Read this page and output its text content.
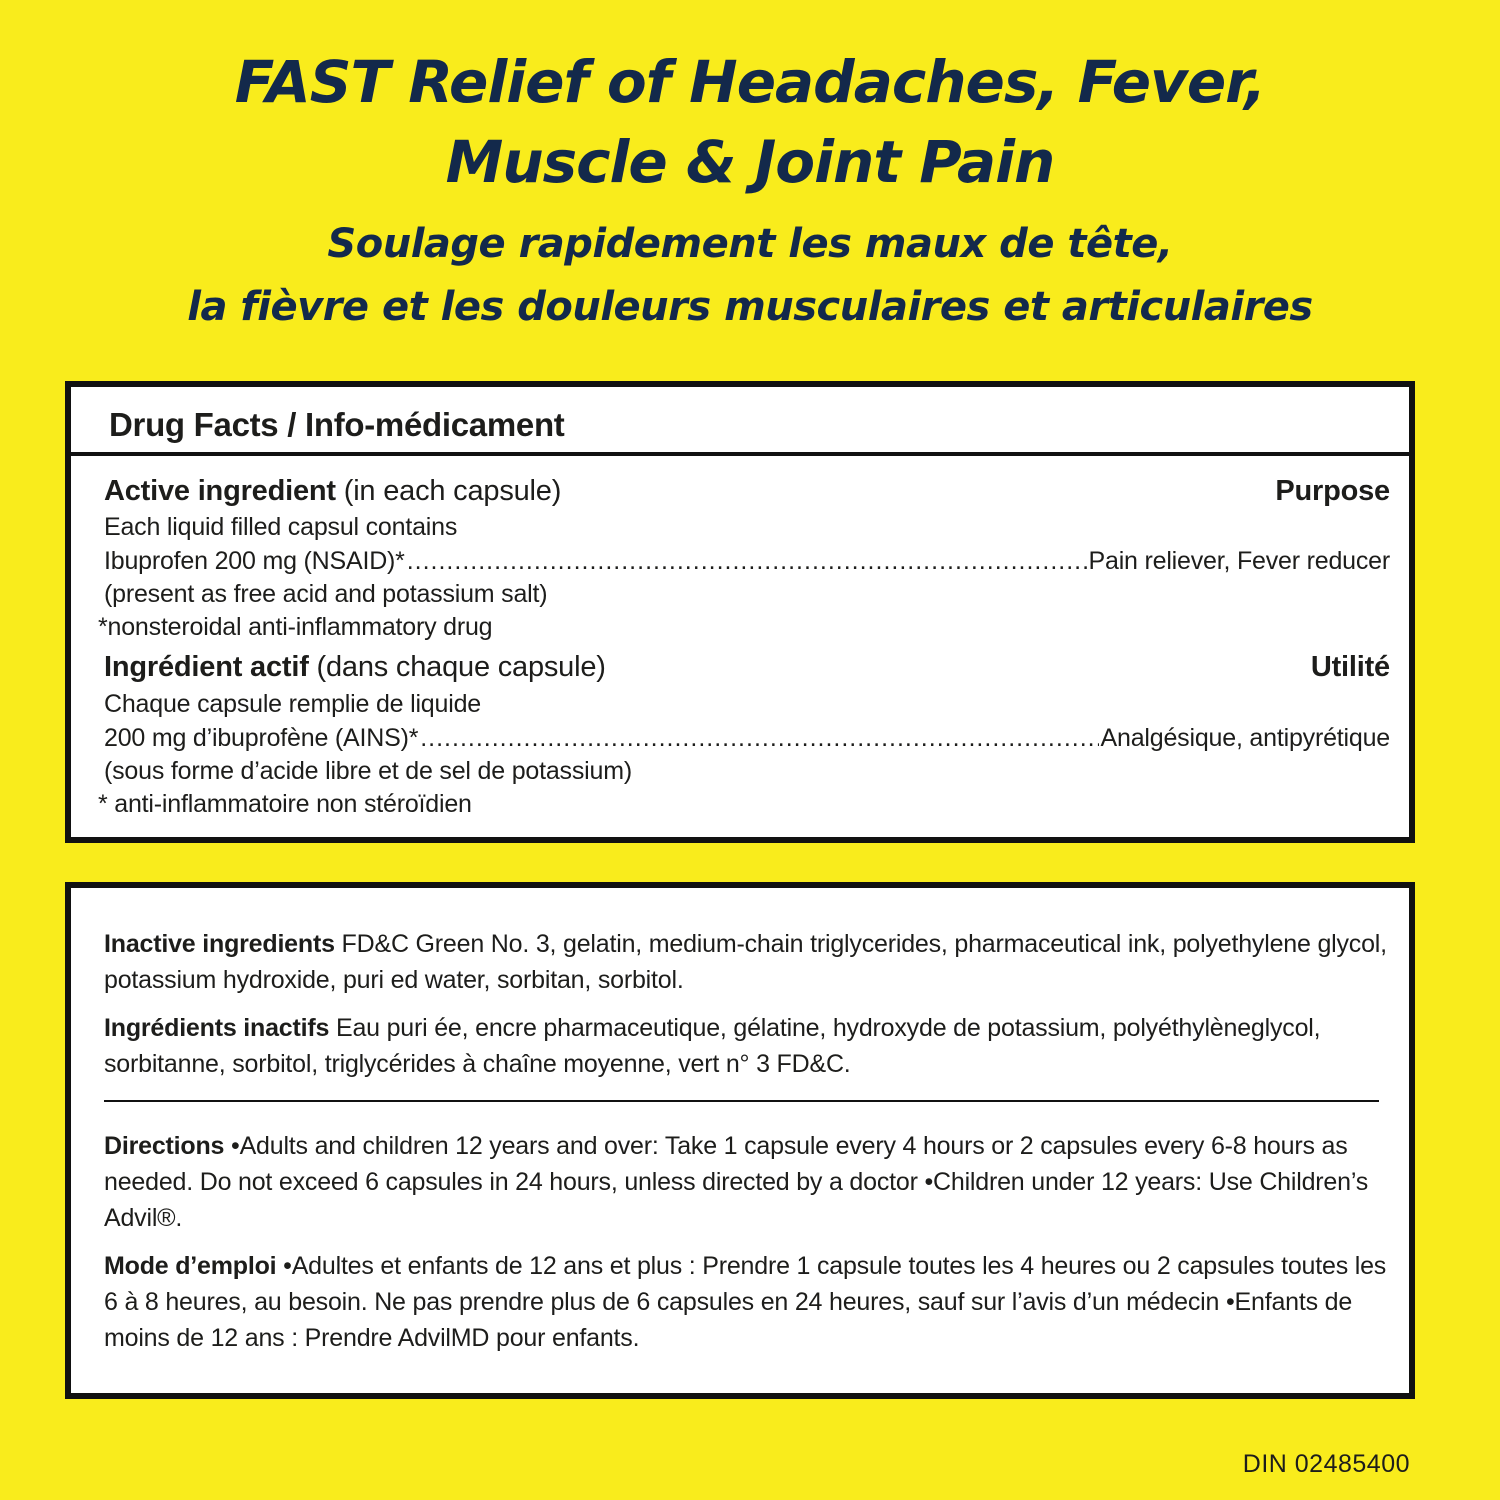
FAST Relief of Headaches, Fever,
Muscle & Joint Pain
Soulage rapidement les maux de tête,
la fièvre et les douleurs musculaires et articulaires
Drug Facts / Info-médicament
Active ingredient (in each capsule)	Purpose
Each liquid filled capsul contains
Ibuprofen 200 mg (NSAID)* .....	Pain reliever, Fever reducer
(present as free acid and potassium salt)
*nonsteroidal anti-inflammatory drug
Ingrédient actif (dans chaque capsule)	Utilité
Chaque capsule remplie de liquide
200 mg d’ibuprofène (AINS)* .....	Analgésique, antipyrétique
(sous forme d’acide libre et de sel de potassium)
* anti-inflammatoire non stéroïdien

Inactive ingredients FD&C Green No. 3, gelatin, medium-chain triglycerides, pharmaceutical ink, polyethylene glycol, potassium hydroxide, puri ed water, sorbitan, sorbitol.

Ingrédients inactifs Eau puri ée, encre pharmaceutique, gélatine, hydroxyde de potassium, polyéthylèneglycol, sorbitanne, sorbitol, triglycérides à chaîne moyenne, vert n° 3 FD&C.

Directions •Adults and children 12 years and over: Take 1 capsule every 4 hours or 2 capsules every 6-8 hours as needed. Do not exceed 6 capsules in 24 hours, unless directed by a doctor •Children under 12 years: Use Children’s Advil®.

Mode d’emploi •Adultes et enfants de 12 ans et plus : Prendre 1 capsule toutes les 4 heures ou 2 capsules toutes les 6 à 8 heures, au besoin. Ne pas prendre plus de 6 capsules en 24 heures, sauf sur l’avis d’un médecin •Enfants de moins de 12 ans : Prendre AdvilMD pour enfants.

DIN 02485400
